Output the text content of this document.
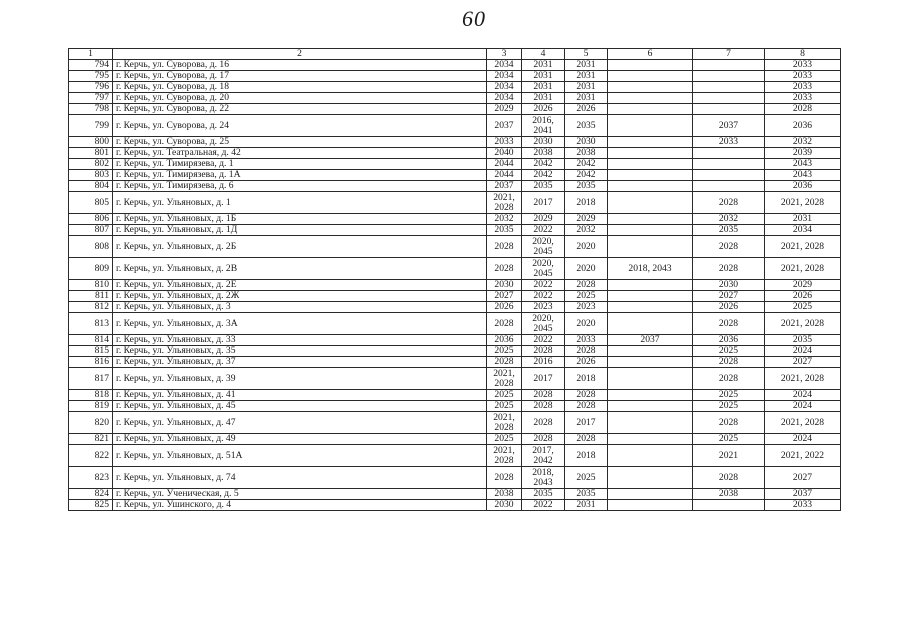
60
1	2	3	4	5	6	7	8
794	г. Керчь, ул. Суворова, д. 16	2034	2031	2031			2033
795	г. Керчь, ул. Суворова, д. 17	2034	2031	2031			2033
796	г. Керчь, ул. Суворова, д. 18	2034	2031	2031			2033
797	г. Керчь, ул. Суворова, д. 20	2034	2031	2031			2033
798	г. Керчь, ул. Суворова, д. 22	2029	2026	2026			2028
799	г. Керчь, ул. Суворова, д. 24	2037	2016,
2041	2035		2037	2036
800	г. Керчь, ул. Суворова, д. 25	2033	2030	2030		2033	2032
801	г. Керчь, ул. Театральная, д. 42	2040	2038	2038			2039
802	г. Керчь, ул. Тимирязева, д. 1	2044	2042	2042			2043
803	г. Керчь, ул. Тимирязева, д. 1А	2044	2042	2042			2043
804	г. Керчь, ул. Тимирязева, д. 6	2037	2035	2035			2036
805	г. Керчь, ул. Ульяновых, д. 1	2021,
2028	2017	2018		2028	2021, 2028
806	г. Керчь, ул. Ульяновых, д. 1Б	2032	2029	2029		2032	2031
807	г. Керчь, ул. Ульяновых, д. 1Д	2035	2022	2032		2035	2034
808	г. Керчь, ул. Ульяновых, д. 2Б	2028	2020,
2045	2020		2028	2021, 2028
809	г. Керчь, ул. Ульяновых, д. 2В	2028	2020,
2045	2020	2018, 2043	2028	2021, 2028
810	г. Керчь, ул. Ульяновых, д. 2Е	2030	2022	2028		2030	2029
811	г. Керчь, ул. Ульяновых, д. 2Ж	2027	2022	2025		2027	2026
812	г. Керчь, ул. Ульяновых, д. 3	2026	2023	2023		2026	2025
813	г. Керчь, ул. Ульяновых, д. 3А	2028	2020,
2045	2020		2028	2021, 2028
814	г. Керчь, ул. Ульяновых, д. 33	2036	2022	2033	2037	2036	2035
815	г. Керчь, ул. Ульяновых, д. 35	2025	2028	2028		2025	2024
816	г. Керчь, ул. Ульяновых, д. 37	2028	2016	2026		2028	2027
817	г. Керчь, ул. Ульяновых, д. 39	2021,
2028	2017	2018		2028	2021, 2028
818	г. Керчь, ул. Ульяновых, д. 41	2025	2028	2028		2025	2024
819	г. Керчь, ул. Ульяновых, д. 45	2025	2028	2028		2025	2024
820	г. Керчь, ул. Ульяновых, д. 47	2021,
2028	2028	2017		2028	2021, 2028
821	г. Керчь, ул. Ульяновых, д. 49	2025	2028	2028		2025	2024
822	г. Керчь, ул. Ульяновых, д. 51А	2021,
2028	2017,
2042	2018		2021	2021, 2022
823	г. Керчь, ул. Ульяновых, д. 74	2028	2018,
2043	2025		2028	2027
824	г. Керчь, ул. Ученическая, д. 5	2038	2035	2035		2038	2037
825	г. Керчь, ул. Ушинского, д. 4	2030	2022	2031			2033
